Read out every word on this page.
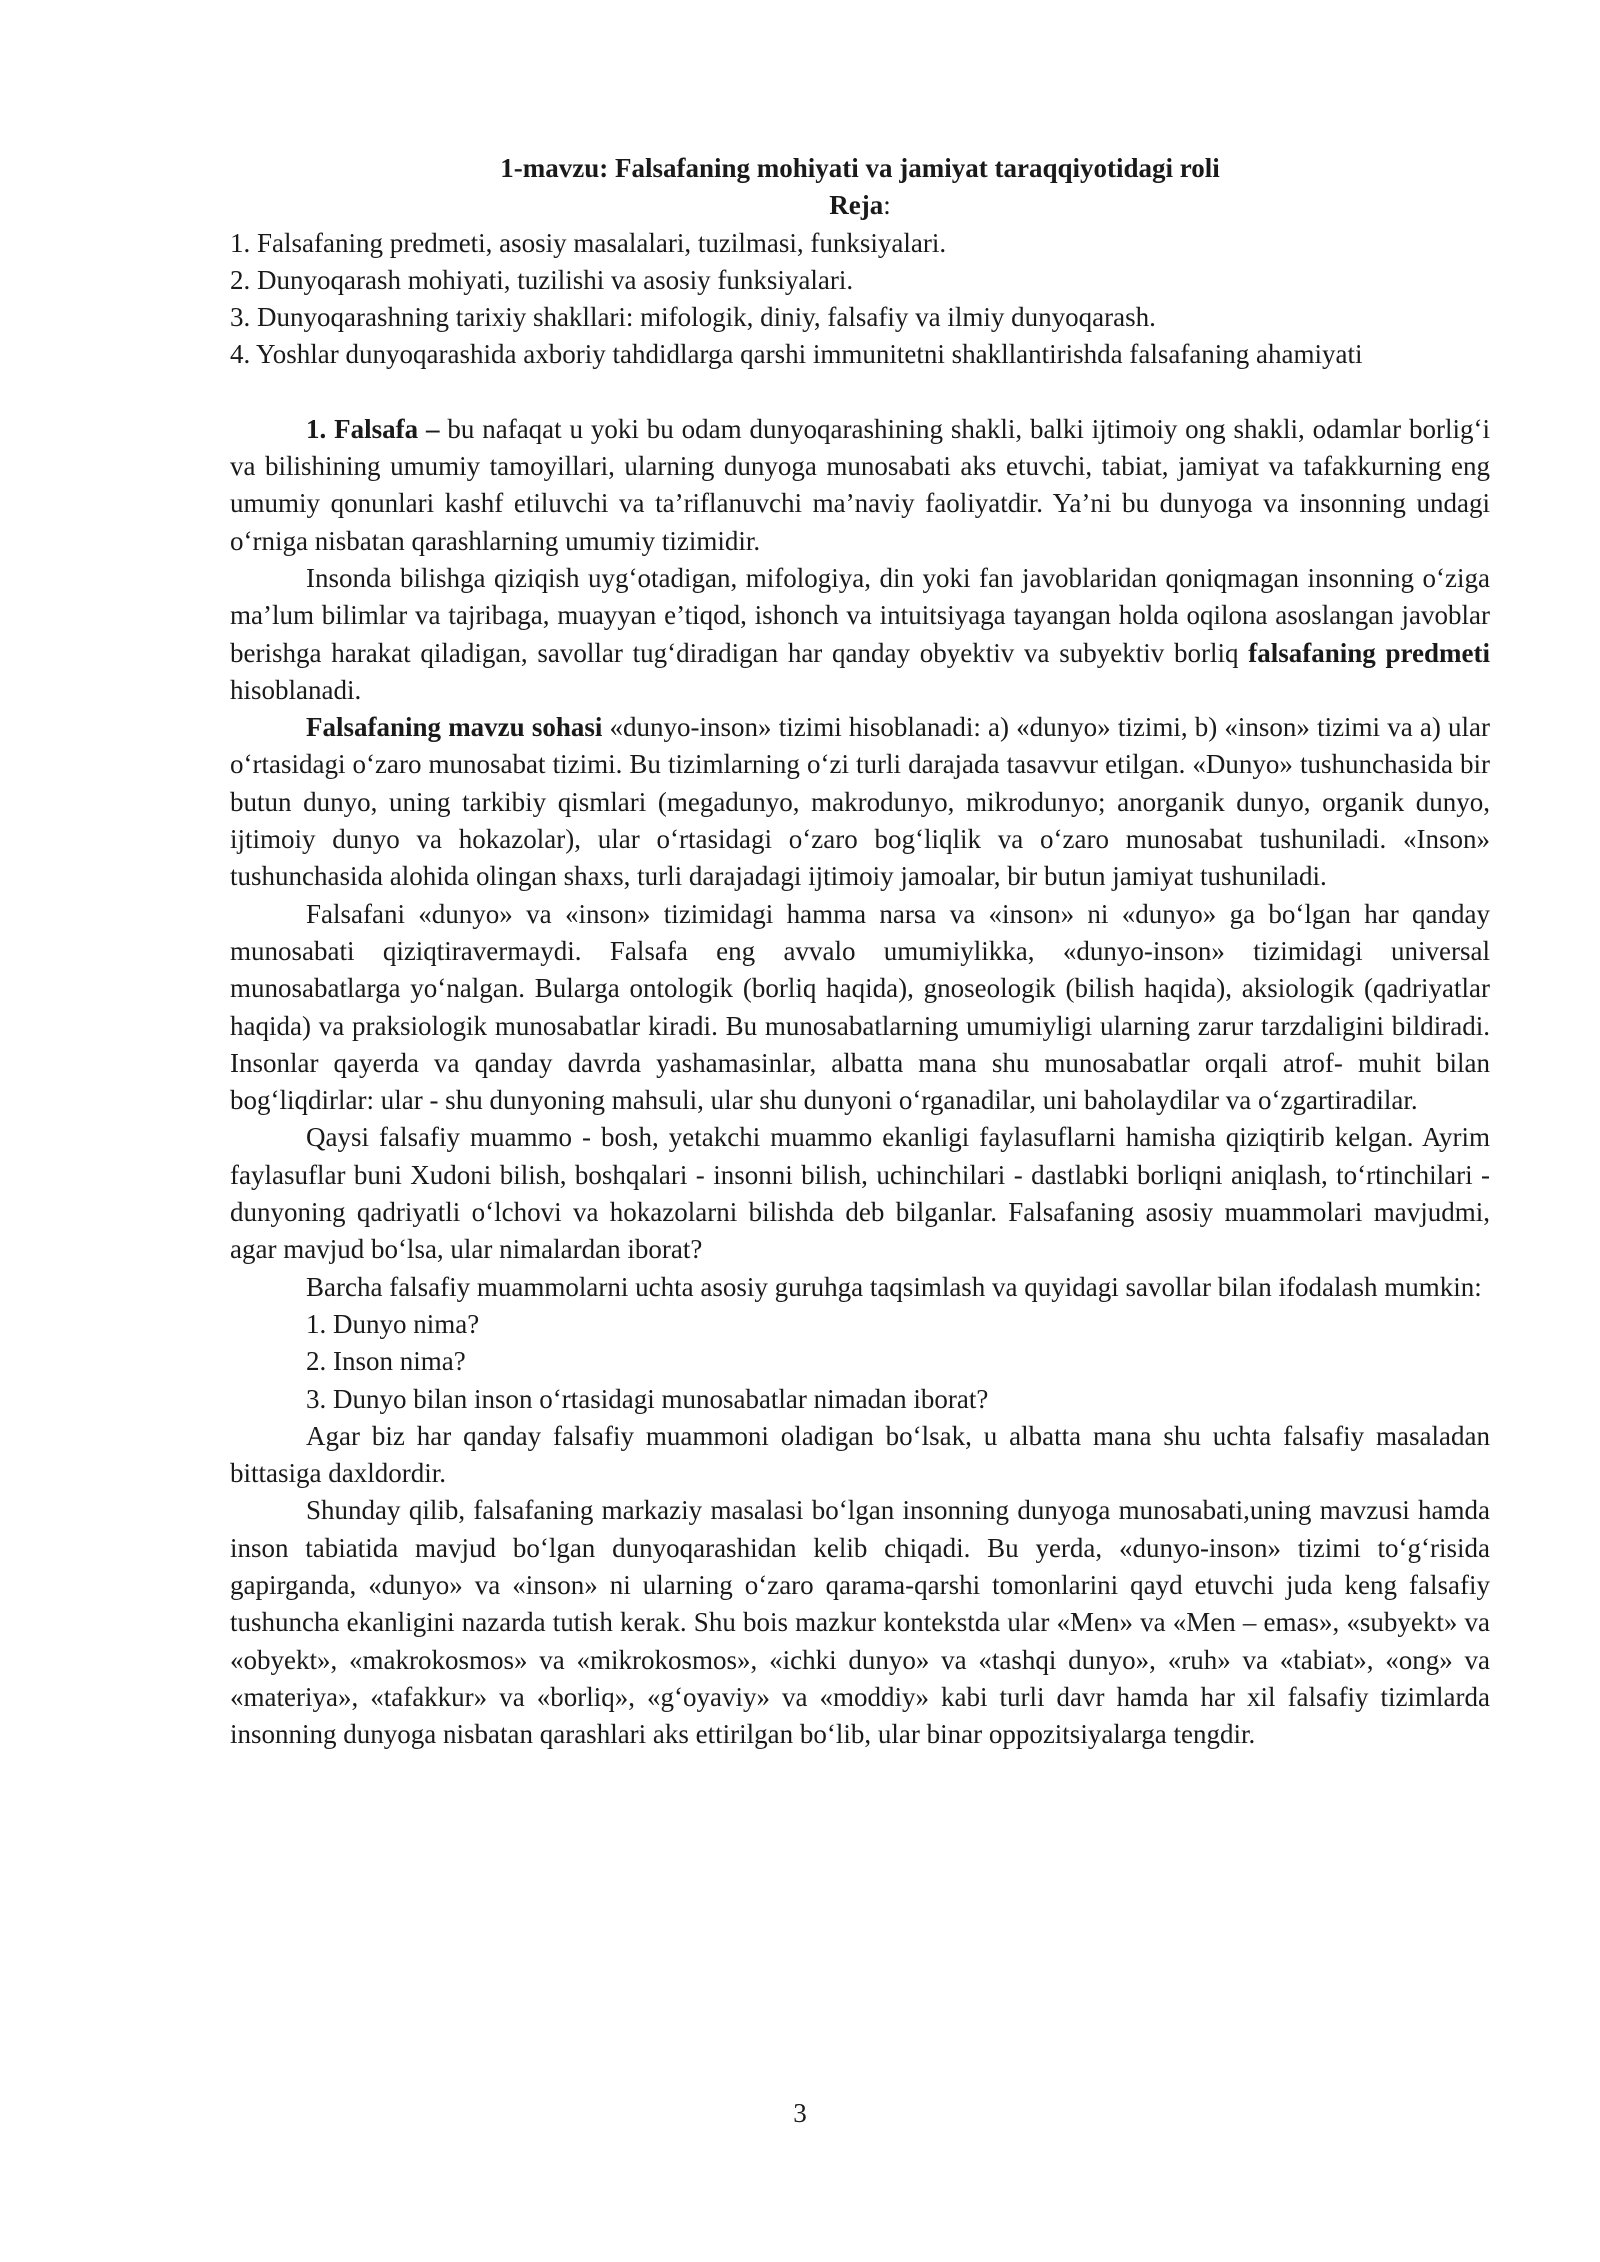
1-mavzu: Falsafaning mohiyati va jamiyat taraqqiyotidagi roli
Reja:
1. Falsafaning predmeti, asosiy masalalari, tuzilmasi, funksiyalari.
2. Dunyoqarash mohiyati, tuzilishi va asosiy funksiyalari.
3. Dunyoqarashning tarixiy shakllari: mifologik, diniy, falsafiy va ilmiy dunyoqarash.
4. Yoshlar dunyoqarashida axboriy tahdidlarga qarshi immunitetni shakllantirishda falsafaning ahamiyati

1. Falsafa – bu nafaqat u yoki bu odam dunyoqarashining shakli, balki ijtimoiy ong shakli, odamlar borlig‘i va bilishining umumiy tamoyillari, ularning dunyoga munosabati aks etuvchi, tabiat, jamiyat va tafakkurning eng umumiy qonunlari kashf etiluvchi va ta’riflanuvchi ma’naviy faoliyatdir. Ya’ni bu dunyoga va insonning undagi o‘rniga nisbatan qarashlarning umumiy tizimidir.

Insonda bilishga qiziqish uyg‘otadigan, mifologiya, din yoki fan javoblaridan qoniqmagan insonning o‘ziga ma’lum bilimlar va tajribaga, muayyan e’tiqod, ishonch va intuitsiyaga tayangan holda oqilona asoslangan javoblar berishga harakat qiladigan, savollar tug‘diradigan har qanday obyektiv va subyektiv borliq falsafaning predmeti hisoblanadi.

Falsafaning mavzu sohasi «dunyo-inson» tizimi hisoblanadi: a) «dunyo» tizimi, b) «inson» tizimi va a) ular o‘rtasidagi o‘zaro munosabat tizimi. Bu tizimlarning o‘zi turli darajada tasavvur etilgan. «Dunyo» tushunchasida bir butun dunyo, uning tarkibiy qismlari (megadunyo, makrodunyo, mikrodunyo; anorganik dunyo, organik dunyo, ijtimoiy dunyo va hokazolar), ular o‘rtasidagi o‘zaro bog‘liqlik va o‘zaro munosabat tushuniladi. «Inson» tushunchasida alohida olingan shaxs, turli darajadagi ijtimoiy jamoalar, bir butun jamiyat tushuniladi.

Falsafani «dunyo» va «inson» tizimidagi hamma narsa va «inson» ni «dunyo» ga bo‘lgan har qanday munosabati qiziqtiravermaydi. Falsafa eng avvalo umumiylikka, «dunyo-inson» tizimidagi universal munosabatlarga yo‘nalgan. Bularga ontologik (borliq haqida), gnoseologik (bilish haqida), aksiologik (qadriyatlar haqida) va praksiologik munosabatlar kiradi. Bu munosabatlarning umumiyligi ularning zarur tarzdaligini bildiradi. Insonlar qayerda va qanday davrda yashamasinlar, albatta mana shu munosabatlar orqali atrof- muhit bilan bog‘liqdirlar: ular - shu dunyoning mahsuli, ular shu dunyoni o‘rganadilar, uni baholaydilar va o‘zgartiradilar.

Qaysi falsafiy muammo - bosh, yetakchi muammo ekanligi faylasuflarni hamisha qiziqtirib kelgan. Ayrim faylasuflar buni Xudoni bilish, boshqalari - insonni bilish, uchinchilari - dastlabki borliqni aniqlash, to‘rtinchilari - dunyoning qadriyatli o‘lchovi va hokazolarni bilishda deb bilganlar. Falsafaning asosiy muammolari mavjudmi, agar mavjud bo‘lsa, ular nimalardan iborat?

Barcha falsafiy muammolarni uchta asosiy guruhga taqsimlash va quyidagi savollar bilan ifodalash mumkin:

1. Dunyo nima?
2. Inson nima?
3. Dunyo bilan inson o‘rtasidagi munosabatlar nimadan iborat?

Agar biz har qanday falsafiy muammoni oladigan bo‘lsak, u albatta mana shu uchta falsafiy masaladan bittasiga daxldordir.

Shunday qilib, falsafaning markaziy masalasi bo‘lgan insonning dunyoga munosabati,uning mavzusi hamda inson tabiatida mavjud bo‘lgan dunyoqarashidan kelib chiqadi. Bu yerda, «dunyo-inson» tizimi to‘g‘risida gapirganda, «dunyo» va «inson» ni ularning o‘zaro qarama-qarshi tomonlarini qayd etuvchi juda keng falsafiy tushuncha ekanligini nazarda tutish kerak. Shu bois mazkur kontekstda ular «Men» va «Men – emas», «subyekt» va «obyekt», «makrokosmos» va «mikrokosmos», «ichki dunyo» va «tashqi dunyo», «ruh» va «tabiat», «ong» va «materiya», «tafakkur» va «borliq», «g‘oyaviy» va «moddiy» kabi turli davr hamda har xil falsafiy tizimlarda insonning dunyoga nisbatan qarashlari aks ettirilgan bo‘lib, ular binar oppozitsiyalarga tengdir.

3
